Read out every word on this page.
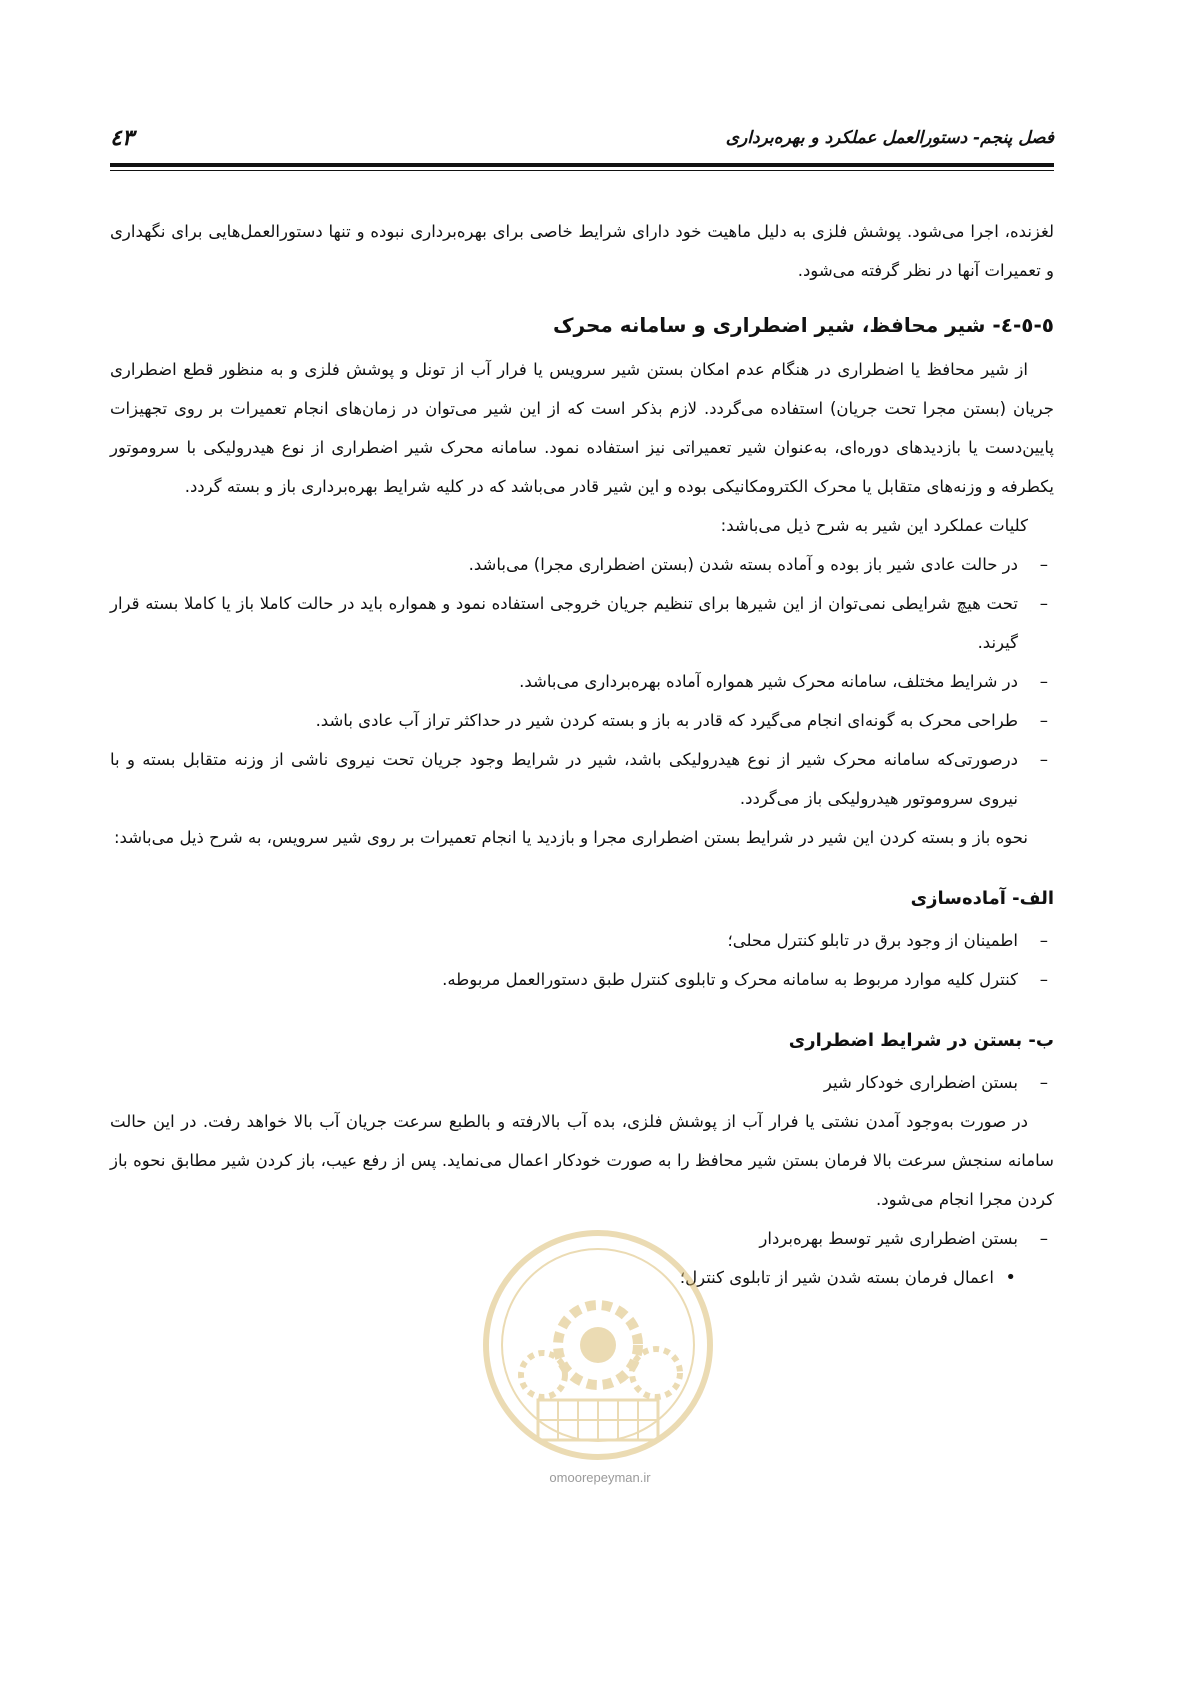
فصل پنجم- دستورالعمل عملکرد و بهره‌برداری
٤٣

لغزنده، اجرا می‌شود. پوشش فلزی به دلیل ماهیت خود دارای شرایط خاصی برای بهره‌برداری نبوده و تنها دستورالعمل‌هایی برای نگهداری و تعمیرات آنها در نظر گرفته می‌شود.

٥-٥-٤- شیر محافظ، شیر اضطراری و سامانه محرک

از شیر محافظ یا اضطراری در هنگام عدم امکان بستن شیر سرویس یا فرار آب از تونل و پوشش فلزی و به منظور قطع اضطراری جریان (بستن مجرا تحت جریان) استفاده می‌گردد. لازم بذکر است که از این شیر می‌توان در زمان‌های انجام تعمیرات بر روی تجهیزات پایین‌دست یا بازدیدهای دوره‌ای، به‌عنوان شیر تعمیراتی نیز استفاده نمود. سامانه محرک شیر اضطراری از نوع هیدرولیکی با سروموتور یکطرفه و وزنه‌های متقابل یا محرک الکترومکانیکی بوده و این شیر قادر می‌باشد که در کلیه شرایط بهره‌برداری باز و بسته گردد.

کلیات عملکرد این شیر به شرح ذیل می‌باشد:

– در حالت عادی شیر باز بوده و آماده بسته شدن (بستن اضطراری مجرا) می‌باشد.
– تحت هیچ شرایطی نمی‌توان از این شیرها برای تنظیم جریان خروجی استفاده نمود و همواره باید در حالت کاملا باز یا کاملا بسته قرار گیرند.
– در شرایط مختلف، سامانه محرک شیر همواره آماده بهره‌برداری می‌باشد.
– طراحی محرک به گونه‌ای انجام می‌گیرد که قادر به باز و بسته کردن شیر در حداکثر تراز آب عادی باشد.
– درصورتی‌که سامانه محرک شیر از نوع هیدرولیکی باشد، شیر در شرایط وجود جریان تحت نیروی ناشی از وزنه متقابل بسته و با نیروی سروموتور هیدرولیکی باز می‌گردد.

نحوه باز و بسته کردن این شیر در شرایط بستن اضطراری مجرا و بازدید یا انجام تعمیرات بر روی شیر سرویس، به شرح ذیل می‌باشد:

الف- آماده‌سازی

– اطمینان از وجود برق در تابلو کنترل محلی؛
– کنترل کلیه موارد مربوط به سامانه محرک و تابلوی کنترل طبق دستورالعمل مربوطه.

ب- بستن در شرایط اضطراری

– بستن اضطراری خودکار شیر

در صورت به‌وجود آمدن نشتی یا فرار آب از پوشش فلزی، بده آب بالارفته و بالطبع سرعت جریان آب بالا خواهد رفت. در این حالت سامانه سنجش سرعت بالا فرمان بستن شیر محافظ را به صورت خودکار اعمال می‌نماید. پس از رفع عیب، باز کردن شیر مطابق نحوه باز کردن مجرا انجام می‌شود.

– بستن اضطراری شیر توسط بهره‌بردار
• اعمال فرمان بسته شدن شیر از تابلوی کنترل؛
omoorepeyman.ir
